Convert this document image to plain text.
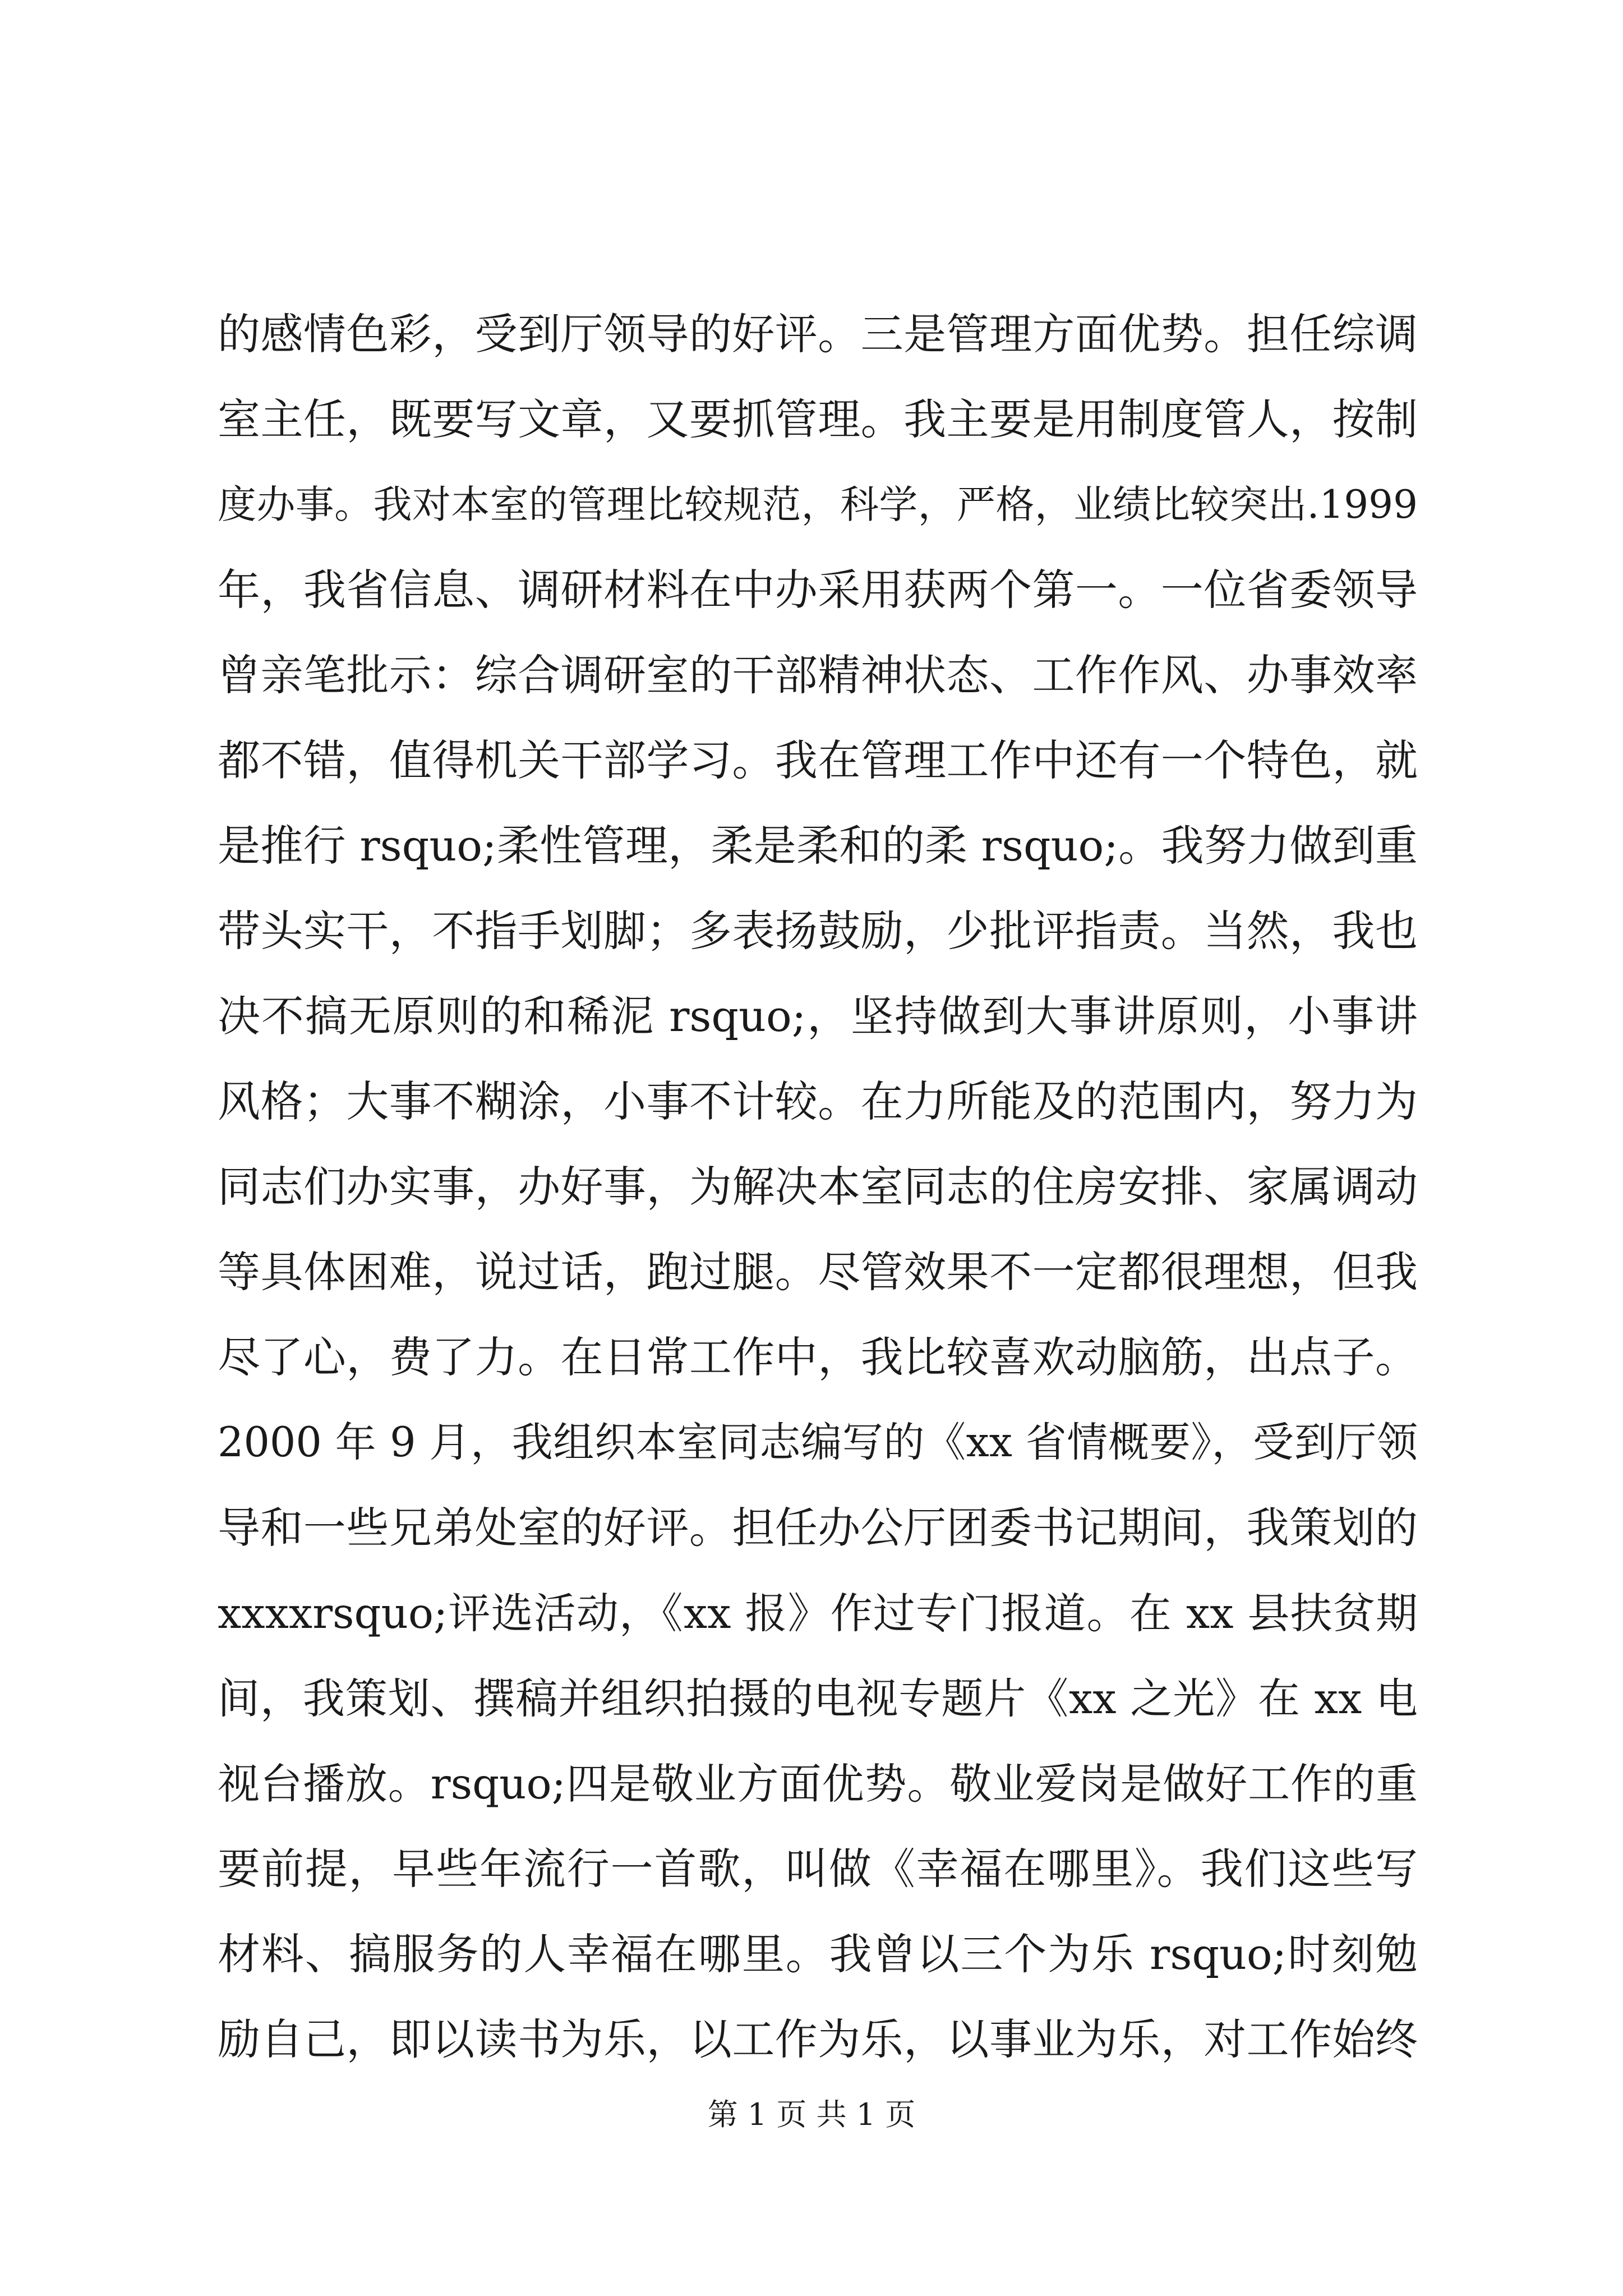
的感情色彩，受到厅领导的好评。三是管理方面优势。担任综调
室主任，既要写文章，又要抓管理。我主要是用制度管人，按制
度办事。我对本室的管理比较规范，科学，严格，业绩比较突出.1999
年，我省信息、调研材料在中办采用获两个第一。一位省委领导
曾亲笔批示：综合调研室的干部精神状态、工作作风、办事效率
都不错，值得机关干部学习。我在管理工作中还有一个特色，就
是推行 rsquo;柔性管理，柔是柔和的柔 rsquo;。我努力做到重
带头实干，不指手划脚；多表扬鼓励，少批评指责。当然，我也
决不搞无原则的和稀泥 rsquo;，坚持做到大事讲原则，小事讲
风格；大事不糊涂，小事不计较。在力所能及的范围内，努力为
同志们办实事，办好事，为解决本室同志的住房安排、家属调动
等具体困难，说过话，跑过腿。尽管效果不一定都很理想，但我
尽了心，费了力。在日常工作中，我比较喜欢动脑筋，出点子。
2000 年 9 月，我组织本室同志编写的《xx 省情概要》，受到厅领
导和一些兄弟处室的好评。担任办公厅团委书记期间，我策划的
xxxxrsquo;评选活动，《xx 报》作过专门报道。在 xx 县扶贫期
间，我策划、撰稿并组织拍摄的电视专题片《xx 之光》在 xx 电
视台播放。rsquo;四是敬业方面优势。敬业爱岗是做好工作的重
要前提，早些年流行一首歌，叫做《幸福在哪里》。我们这些写
材料、搞服务的人幸福在哪里。我曾以三个为乐 rsquo;时刻勉
励自己，即以读书为乐，以工作为乐，以事业为乐，对工作始终
第 1 页 共 1 页
